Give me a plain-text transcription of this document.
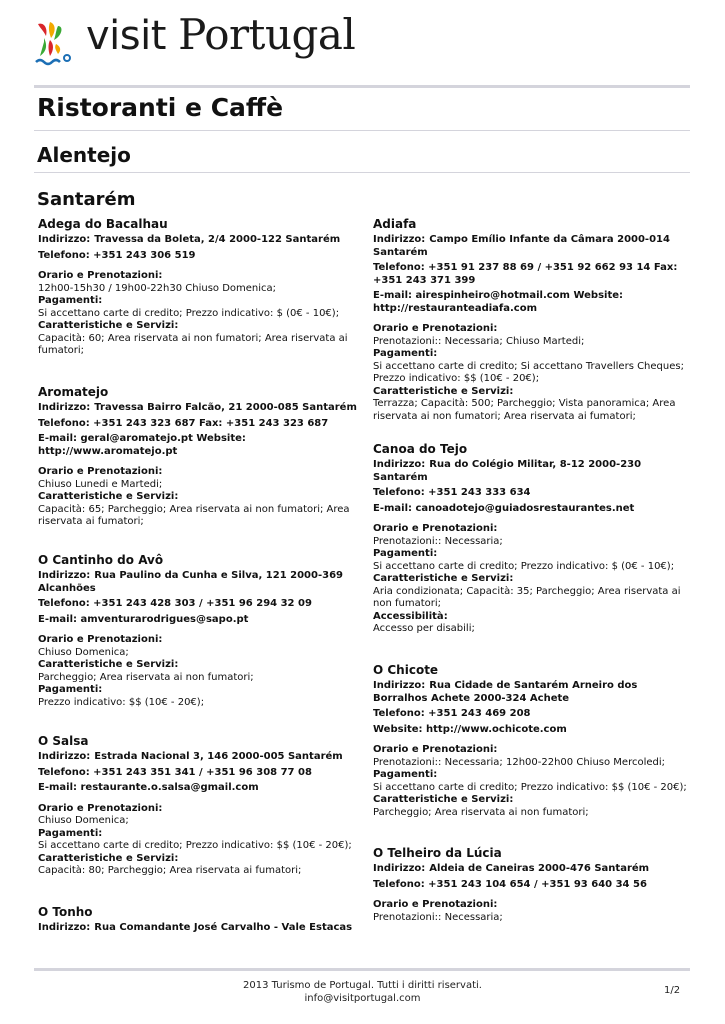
visit Portugal
Ristoranti e Caffè
Alentejo
Santarém
Adega do Bacalhau
Indirizzo: Travessa da Boleta, 2/4 2000-122 Santarém
Telefono: +351 243 306 519
Orario e Prenotazioni:
12h00-15h30 / 19h00-22h30 Chiuso Domenica;
Pagamenti:
Si accettano carte di credito; Prezzo indicativo: $ (0€ - 10€);
Caratteristiche e Servizi:
Capacità: 60; Area riservata ai non fumatori; Area riservata ai fumatori;
Aromatejo
Indirizzo: Travessa Bairro Falcão, 21 2000-085 Santarém
Telefono: +351 243 323 687 Fax: +351 243 323 687
E-mail: geral@aromatejo.pt Website: http://www.aromatejo.pt
Orario e Prenotazioni:
Chiuso Lunedi e Martedi;
Caratteristiche e Servizi:
Capacità: 65; Parcheggio; Area riservata ai non fumatori; Area riservata ai fumatori;
O Cantinho do Avô
Indirizzo: Rua Paulino da Cunha e Silva, 121 2000-369 Alcanhões
Telefono: +351 243 428 303 / +351 96 294 32 09
E-mail: amventurarodrigues@sapo.pt
Orario e Prenotazioni:
Chiuso Domenica;
Caratteristiche e Servizi:
Parcheggio; Area riservata ai non fumatori;
Pagamenti:
Prezzo indicativo: $$ (10€ - 20€);
O Salsa
Indirizzo: Estrada Nacional 3, 146 2000-005 Santarém
Telefono: +351 243 351 341 / +351 96 308 77 08
E-mail: restaurante.o.salsa@gmail.com
Orario e Prenotazioni:
Chiuso Domenica;
Pagamenti:
Si accettano carte di credito; Prezzo indicativo: $$ (10€ - 20€);
Caratteristiche e Servizi:
Capacità: 80; Parcheggio; Area riservata ai fumatori;
O Tonho
Indirizzo: Rua Comandante José Carvalho - Vale Estacas
Adiafa
Indirizzo: Campo Emílio Infante da Câmara 2000-014 Santarém
Telefono: +351 91 237 88 69 / +351 92 662 93 14 Fax: +351 243 371 399
E-mail: airespinheiro@hotmail.com Website: http://restauranteadiafa.com
Orario e Prenotazioni:
Prenotazioni:: Necessaria; Chiuso Martedi;
Pagamenti:
Si accettano carte di credito; Si accettano Travellers Cheques; Prezzo indicativo: $$ (10€ - 20€);
Caratteristiche e Servizi:
Terrazza; Capacità: 500; Parcheggio; Vista panoramica; Area riservata ai non fumatori; Area riservata ai fumatori;
Canoa do Tejo
Indirizzo: Rua do Colégio Militar, 8-12 2000-230 Santarém
Telefono: +351 243 333 634
E-mail: canoadotejo@guiadosrestaurantes.net
Orario e Prenotazioni:
Prenotazioni:: Necessaria;
Pagamenti:
Si accettano carte di credito; Prezzo indicativo: $ (0€ - 10€);
Caratteristiche e Servizi:
Aria condizionata; Capacità: 35; Parcheggio; Area riservata ai non fumatori;
Accessibilità:
Accesso per disabili;
O Chicote
Indirizzo: Rua Cidade de Santarém Arneiro dos Borralhos Achete 2000-324 Achete
Telefono: +351 243 469 208
Website: http://www.ochicote.com
Orario e Prenotazioni:
Prenotazioni:: Necessaria; 12h00-22h00 Chiuso Mercoledi;
Pagamenti:
Si accettano carte di credito; Prezzo indicativo: $$ (10€ - 20€);
Caratteristiche e Servizi:
Parcheggio; Area riservata ai non fumatori;
O Telheiro da Lúcia
Indirizzo: Aldeia de Caneiras 2000-476 Santarém
Telefono: +351 243 104 654 / +351 93 640 34 56
Orario e Prenotazioni:
Prenotazioni:: Necessaria;
2013 Turismo de Portugal. Tutti i diritti riservati.
info@visitportugal.com
1/2
